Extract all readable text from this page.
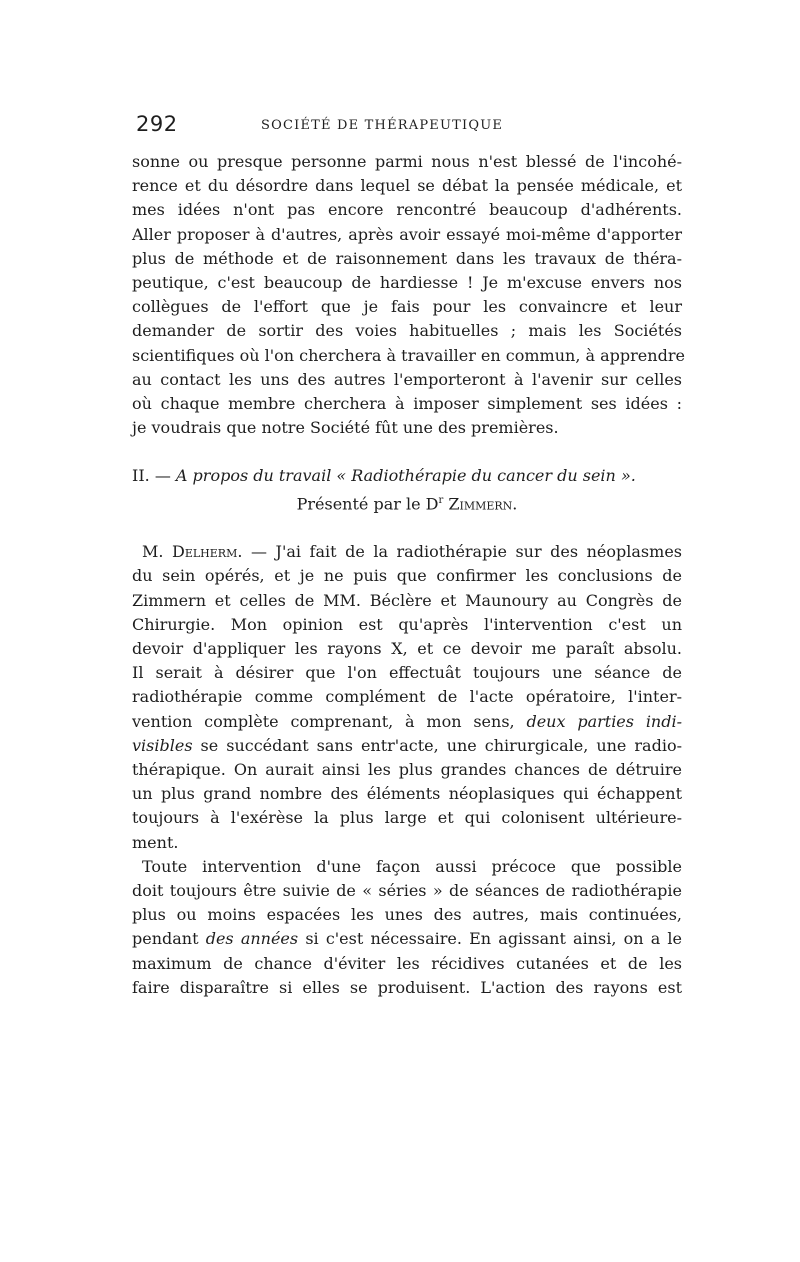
292	SOCIÉTÉ DE THÉRAPEUTIQUE
sonne ou presque personne parmi nous n'est blessé de l'incohé-
rence et du désordre dans lequel se débat la pensée médicale, et
mes idées n'ont pas encore rencontré beaucoup d'adhérents.
Aller proposer à d'autres, après avoir essayé moi-même d'apporter
plus de méthode et de raisonnement dans les travaux de théra-
peutique, c'est beaucoup de hardiesse ! Je m'excuse envers nos
collègues de l'effort que je fais pour les convaincre et leur
demander de sortir des voies habituelles ; mais les Sociétés
scientifiques où l'on cherchera à travailler en commun, à apprendre
au contact les uns des autres l'emporteront à l'avenir sur celles
où chaque membre cherchera à imposer simplement ses idées :
je voudrais que notre Société fût une des premières.
II. — A propos du travail « Radiothérapie du cancer du sein ».
Présenté par le $D^r$ Zimmern.
M. Delherm. — J'ai fait de la radiothérapie sur des néoplasmes
du sein opérés, et je ne puis que confirmer les conclusions de
Zimmern et celles de MM. Béclère et Maunoury au Congrès de
Chirurgie. Mon opinion est qu'après l'intervention c'est un
devoir d'appliquer les rayons X, et ce devoir me paraît absolu.
Il serait à désirer que l'on effectuât toujours une séance de
radiothérapie comme complément de l'acte opératoire, l'inter-
vention complète comprenant, à mon sens, deux parties indi-
visibles se succédant sans entr'acte, une chirurgicale, une radio-
thérapique. On aurait ainsi les plus grandes chances de détruire
un plus grand nombre des éléments néoplasiques qui échappent
toujours à l'exérèse la plus large et qui colonisent ultérieure-
ment.
Toute intervention d'une façon aussi précoce que possible
doit toujours être suivie de « séries » de séances de radiothérapie
plus ou moins espacées les unes des autres, mais continuées,
pendant des années si c'est nécessaire. En agissant ainsi, on a le
maximum de chance d'éviter les récidives cutanées et de les
faire disparaître si elles se produisent. L'action des rayons est
